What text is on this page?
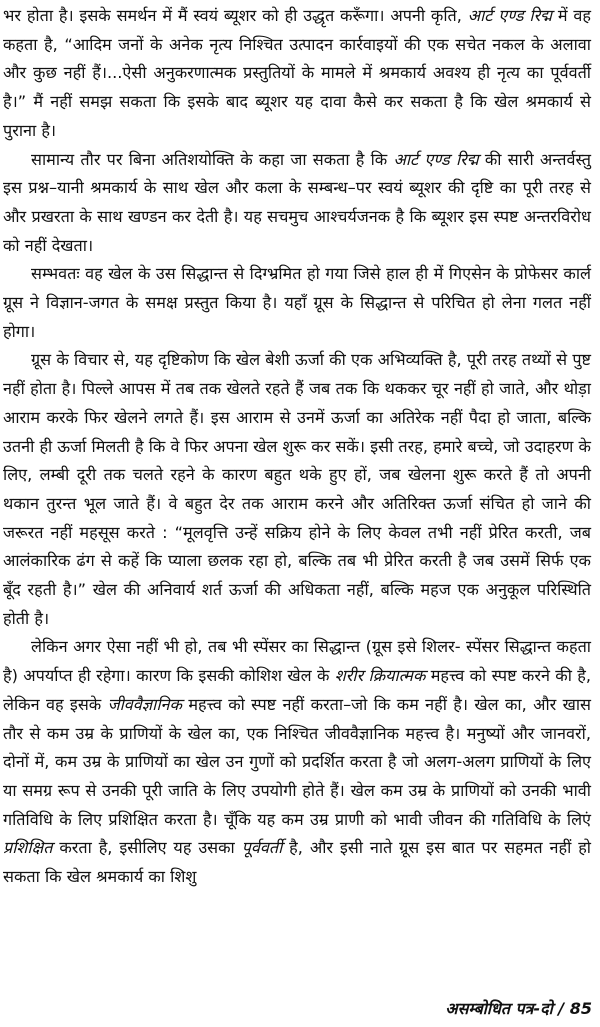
भर होता है। इसके समर्थन में मैं स्वयं ब्यूशर को ही उद्धृत करूँगा। अपनी कृति, आर्ट एण्ड रिद्म में वह कहता है, “आदिम जनों के अनेक नृत्य निश्चित उत्पादन कार्रवाइयों की एक सचेत नकल के अलावा और कुछ नहीं हैं।...ऐसी अनुकरणात्मक प्रस्तुतियों के मामले में श्रमकार्य अवश्य ही नृत्य का पूर्ववर्ती है।” मैं नहीं समझ सकता कि इसके बाद ब्यूशर यह दावा कैसे कर सकता है कि खेल श्रमकार्य से पुराना है।

सामान्य तौर पर बिना अतिशयोक्ति के कहा जा सकता है कि आर्ट एण्ड रिद्म की सारी अन्तर्वस्तु इस प्रश्न–यानी श्रमकार्य के साथ खेल और कला के सम्बन्ध–पर स्वयं ब्यूशर की दृष्टि का पूरी तरह से और प्रखरता के साथ खण्डन कर देती है। यह सचमुच आश्चर्यजनक है कि ब्यूशर इस स्पष्ट अन्तरविरोध को नहीं देखता।

सम्भवतः वह खेल के उस सिद्धान्त से दिग्भ्रमित हो गया जिसे हाल ही में गिएसेन के प्रोफेसर कार्ल ग्रूस ने विज्ञान-जगत के समक्ष प्रस्तुत किया है। यहाँ ग्रूस के सिद्धान्त से परिचित हो लेना गलत नहीं होगा।

ग्रूस के विचार से, यह दृष्टिकोण कि खेल बेशी ऊर्जा की एक अभिव्यक्ति है, पूरी तरह तथ्यों से पुष्ट नहीं होता है। पिल्ले आपस में तब तक खेलते रहते हैं जब तक कि थककर चूर नहीं हो जाते, और थोड़ा आराम करके फिर खेलने लगते हैं। इस आराम से उनमें ऊर्जा का अतिरेक नहीं पैदा हो जाता, बल्कि उतनी ही ऊर्जा मिलती है कि वे फिर अपना खेल शुरू कर सकें। इसी तरह, हमारे बच्चे, जो उदाहरण के लिए, लम्बी दूरी तक चलते रहने के कारण बहुत थके हुए हों, जब खेलना शुरू करते हैं तो अपनी थकान तुरन्त भूल जाते हैं। वे बहुत देर तक आराम करने और अतिरिक्त ऊर्जा संचित हो जाने की जरूरत नहीं महसूस करते : “मूलवृत्ति उन्हें सक्रिय होने के लिए केवल तभी नहीं प्रेरित करती, जब आलंकारिक ढंग से कहें कि प्याला छलक रहा हो, बल्कि तब भी प्रेरित करती है जब उसमें सिर्फ एक बूँद रहती है।” खेल की अनिवार्य शर्त ऊर्जा की अधिकता नहीं, बल्कि महज एक अनुकूल परिस्थिति होती है।

लेकिन अगर ऐसा नहीं भी हो, तब भी स्पेंसर का सिद्धान्त (ग्रूस इसे शिलर- स्पेंसर सिद्धान्त कहता है) अपर्याप्त ही रहेगा। कारण कि इसकी कोशिश खेल के शरीर क्रियात्मक महत्त्व को स्पष्ट करने की है, लेकिन वह इसके जीववैज्ञानिक महत्त्व को स्पष्ट नहीं करता–जो कि कम नहीं है। खेल का, और खास तौर से कम उम्र के प्राणियों के खेल का, एक निश्चित जीववैज्ञानिक महत्त्व है। मनुष्यों और जानवरों, दोनों में, कम उम्र के प्राणियों का खेल उन गुणों को प्रदर्शित करता है जो अलग-अलग प्राणियों के लिए या समग्र रूप से उनकी पूरी जाति के लिए उपयोगी होते हैं। खेल कम उम्र के प्राणियों को उनकी भावी गतिविधि के लिए प्रशिक्षित करता है। चूँकि यह कम उम्र प्राणी को भावी जीवन की गतिविधि के लिएं प्रशिक्षित करता है, इसीलिए यह उसका पूर्ववर्ती है, और इसी नाते ग्रूस इस बात पर सहमत नहीं हो सकता कि खेल श्रमकार्य का शिशु

असम्बोधित पत्र-दो / 85
